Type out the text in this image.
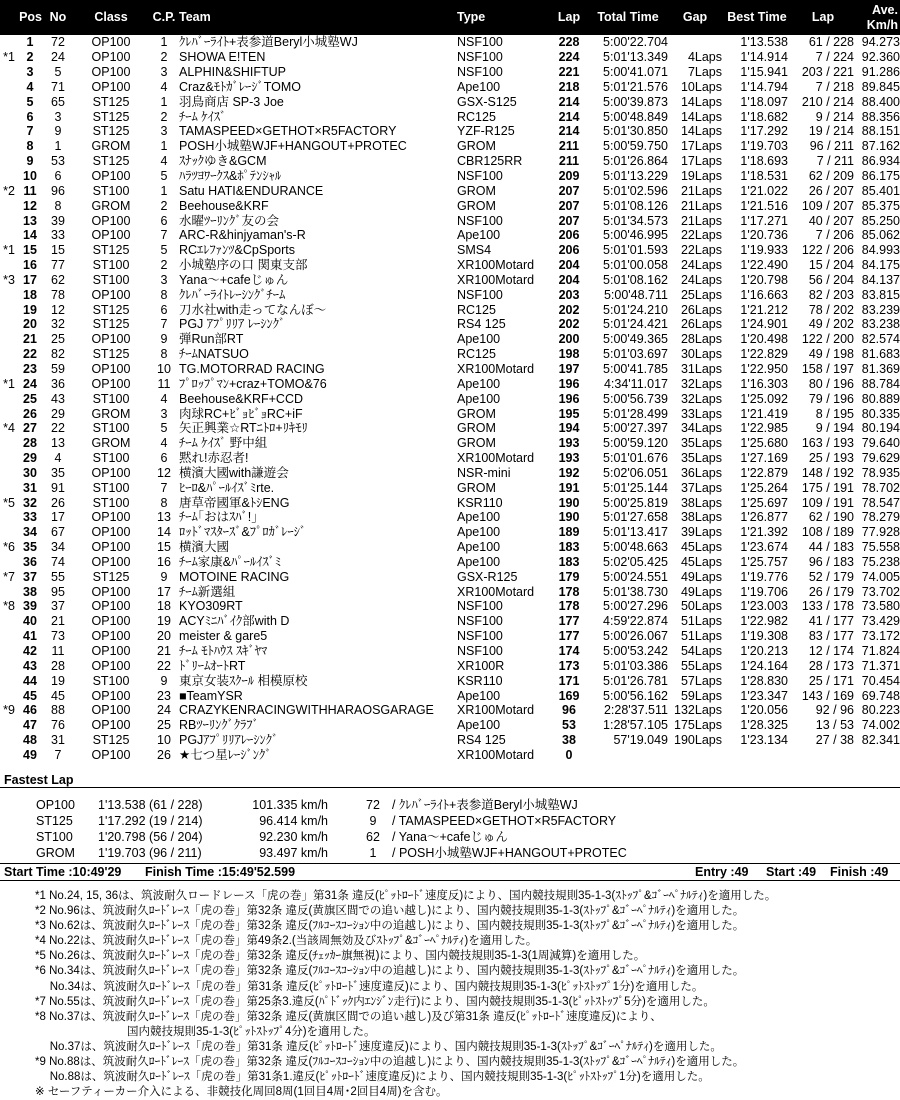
Pos		No	Class	C.P.	Team	Type	Lap	Total Time	Gap	Best Time	Lap	Ave.
Km/h
	1	72	OP100	1	ｸﾚﾊﾞｰﾗｲﾄ+表参道Beryl小城塾WJ	NSF100	228	5:00'22.704		1'13.538	61 / 228	94.273
*1	2	24	OP100	2	SHOWA E!TEN	NSF100	224	5:01'13.349	4Laps	1'14.914	7 / 224	92.360
	3	5	OP100	3	ALPHIN&SHIFTUP	NSF100	221	5:00'41.071	7Laps	1'15.941	203 / 221	91.286
	4	71	OP100	4	Craz&ﾓﾄｶﾞﾚｰｼﾞTOMO	Ape100	218	5:01'21.576	10Laps	1'14.794	7 / 218	89.845
	5	65	ST125	1	羽鳥商店 SP-3 Joe	GSX-S125	214	5:00'39.873	14Laps	1'18.097	210 / 214	88.400
	6	3	ST125	2	ﾁｰﾑ ｹｲｽﾞ	RC125	214	5:00'48.849	14Laps	1'18.682	9 / 214	88.356
	7	9	ST125	3	TAMASPEED×GETHOT×R5FACTORY	YZF-R125	214	5:01'30.850	14Laps	1'17.292	19 / 214	88.151
	8	1	GROM	1	POSH小城塾WJF+HANGOUT+PROTEC	GROM	211	5:00'59.750	17Laps	1'19.703	96 / 211	87.162
	9	53	ST125	4	ｽﾅｯｸゆき&GCM	CBR125RR	211	5:01'26.864	17Laps	1'18.693	7 / 211	86.934
	10	6	OP100	5	ﾊﾗﾂﾖﾜｰｸｽ&ﾎﾟﾃﾝｼｬﾙ	NSF100	209	5:01'13.229	19Laps	1'18.531	62 / 209	86.175
*2	11	96	ST100	1	Satu HATI&ENDURANCE	GROM	207	5:01'02.596	21Laps	1'21.022	26 / 207	85.401
	12	8	GROM	2	Beehouse&KRF	GROM	207	5:01'08.126	21Laps	1'21.516	109 / 207	85.375
	13	39	OP100	6	水曜ﾂｰﾘﾝｸﾞ友の会	NSF100	207	5:01'34.573	21Laps	1'17.271	40 / 207	85.250
	14	33	OP100	7	ARC-R&hinjyaman's-R	Ape100	206	5:00'46.995	22Laps	1'20.736	7 / 206	85.062
*1	15	15	ST125	5	RCｴﾚﾌｧﾝﾂ&CpSports	SMS4	206	5:01'01.593	22Laps	1'19.933	122 / 206	84.993
	16	77	ST100	2	小城塾序の口 関東支部	XR100Motard	204	5:01'00.058	24Laps	1'22.490	15 / 204	84.175
*3	17	62	ST100	3	Yana～+cafeじゅん	XR100Motard	204	5:01'08.162	24Laps	1'20.798	56 / 204	84.137
	18	78	OP100	8	ｸﾚﾊﾞｰﾗｲﾄﾚｰｼﾝｸﾞﾁｰﾑ	NSF100	203	5:00'48.711	25Laps	1'16.663	82 / 203	83.815
	19	12	ST125	6	刀水社with走ってなんぼ～	RC125	202	5:01'24.210	26Laps	1'21.212	78 / 202	83.239
	20	32	ST125	7	PGJ ｱﾌﾟﾘﾘｱ ﾚｰｼﾝｸﾞ	RS4 125	202	5:01'24.421	26Laps	1'24.901	49 / 202	83.238
	21	25	OP100	9	弾Run部RT	Ape100	200	5:00'49.365	28Laps	1'20.498	122 / 200	82.574
	22	82	ST125	8	ﾁｰﾑNATSUO	RC125	198	5:01'03.697	30Laps	1'22.829	49 / 198	81.683
	23	59	OP100	10	TG.MOTORRAD RACING	XR100Motard	197	5:00'41.785	31Laps	1'22.950	158 / 197	81.369
*1	24	36	OP100	11	ﾌﾟﾛｯﾌﾟﾏﾝ+craz+TOMO&76	Ape100	196	4:34'11.017	32Laps	1'16.303	80 / 196	88.784
	25	43	ST100	4	Beehouse&KRF+CCD	Ape100	196	5:00'56.739	32Laps	1'25.092	79 / 196	80.889
	26	29	GROM	3	肉球RC+ﾋﾞｮﾋﾞｮRC+iF	GROM	195	5:01'28.499	33Laps	1'21.419	8 / 195	80.335
*4	27	22	ST100	5	矢正興業☆RTﾆﾄﾛ+ﾘｷﾓﾘ	GROM	194	5:00'27.397	34Laps	1'22.985	9 / 194	80.194
	28	13	GROM	4	ﾁｰﾑ ｹｲｽﾞ 野中組	GROM	193	5:00'59.120	35Laps	1'25.680	163 / 193	79.640
	29	4	ST100	6	黙れ!赤忍者!	XR100Motard	193	5:01'01.676	35Laps	1'27.169	25 / 193	79.629
	30	35	OP100	12	横濱大國with謙遊会	NSR-mini	192	5:02'06.051	36Laps	1'22.879	148 / 192	78.935
	31	91	ST100	7	ﾋｰﾛ&ﾊﾟｰﾙｲｽﾞﾐrte.	GROM	191	5:01'25.144	37Laps	1'25.264	175 / 191	78.702
*5	32	26	ST100	8	唐草帝國軍&ﾄｼENG	KSR110	190	5:00'25.819	38Laps	1'25.697	109 / 191	78.547
	33	17	OP100	13	ﾁｰﾑ｢おはｽﾊﾞ!｣	Ape100	190	5:01'27.658	38Laps	1'26.877	62 / 190	78.279
	34	67	OP100	14	ﾛｯﾄﾞﾏｽﾀｰｽﾞ&ﾌﾟﾛｶﾞﾚｰｼﾞ	Ape100	189	5:01'13.417	39Laps	1'21.392	108 / 189	77.928
*6	35	34	OP100	15	横濱大國	Ape100	183	5:00'48.663	45Laps	1'23.674	44 / 183	75.558
	36	74	OP100	16	ﾁｰﾑ家康&ﾊﾟｰﾙｲｽﾞﾐ	Ape100	183	5:02'05.425	45Laps	1'25.757	96 / 183	75.238
*7	37	55	ST125	9	MOTOINE RACING	GSX-R125	179	5:00'24.551	49Laps	1'19.776	52 / 179	74.005
	38	95	OP100	17	ﾁｰﾑ新選組	XR100Motard	178	5:01'38.730	49Laps	1'19.706	26 / 179	73.702
*8	39	37	OP100	18	KYO309RT	NSF100	178	5:00'27.296	50Laps	1'23.003	133 / 178	73.580
	40	21	OP100	19	ACYﾐﾆﾊﾞｲｸ部with D	NSF100	177	4:59'22.874	51Laps	1'22.982	41 / 177	73.429
	41	73	OP100	20	meister & gare5	NSF100	177	5:00'26.067	51Laps	1'19.308	83 / 177	73.172
	42	11	OP100	21	ﾁｰﾑ ﾓﾄﾊｳｽ ｽｷﾞﾔﾏ	NSF100	174	5:00'53.242	54Laps	1'20.213	12 / 174	71.824
	43	28	OP100	22	ﾄﾞﾘｰﾑｵｰﾄRT	XR100R	173	5:01'03.386	55Laps	1'24.164	28 / 173	71.371
	44	19	ST100	9	東京女装ｽｸｰﾙ 相模原校	KSR110	171	5:01'26.781	57Laps	1'28.830	25 / 171	70.454
	45	45	OP100	23	■TeamYSR	Ape100	169	5:00'56.162	59Laps	1'23.347	143 / 169	69.748
*9	46	88	OP100	24	CRAZYKENRACINGWITHHARAOSGARAGE	XR100Motard	96	2:28'37.511	132Laps	1'20.056	92 / 96	80.223
	47	76	OP100	25	RBﾂｰﾘﾝｸﾞｸﾗﾌﾞ	Ape100	53	1:28'57.105	175Laps	1'28.325	13 / 53	74.002
	48	31	ST125	10	PGJｱﾌﾟﾘﾘｱﾚｰｼﾝｸﾞ	RS4 125	38	57'19.049	190Laps	1'23.134	27 / 38	82.341
	49	7	OP100	26	★七つ星ﾚｰｼﾞﾝｸﾞ	XR100Motard	0					
Fastest Lap
OP100	1'13.538 (61 / 228)	101.335 km/h	72	/ ｸﾚﾊﾞｰﾗｲﾄ+表参道Beryl小城塾WJ
ST125	1'17.292 (19 / 214)	96.414 km/h	9	/ TAMASPEED×GETHOT×R5FACTORY
ST100	1'20.798 (56 / 204)	92.230 km/h	62	/ Yana～+cafeじゅん
GROM	1'19.703 (96 / 211)	93.497 km/h	1	/ POSH小城塾WJF+HANGOUT+PROTEC
Start Time :10:49'29 Finish Time :15:49'52.599	Entry :49 Start :49 Finish :49
*1 No.24, 15, 36は、筑波耐久ロードレース「虎の巻」第31条 違反(ﾋﾟｯﾄﾛｰﾄﾞ速度反)により、国内競技規則35-1-3(ｽﾄｯﾌﾟ&ｺﾞｰﾍﾟﾅﾙﾃｨ)を適用した。
*2 No.96は、筑波耐久ﾛｰﾄﾞﾚｰｽ「虎の巻」第32条 違反(黄旗区間での追い越し)により、国内競技規則35-1-3(ｽﾄｯﾌﾟ&ｺﾞｰﾍﾟﾅﾙﾃｨ)を適用した。
*3 No.62は、筑波耐久ﾛｰﾄﾞﾚｰｽ「虎の巻」第32条 違反(ﾌﾙｺｰｽｺｰｼｮﾝ中の追越し)により、国内競技規則35-1-3(ｽﾄｯﾌﾟ&ｺﾞｰﾍﾟﾅﾙﾃｨ)を適用した。
*4 No.22は、筑波耐久ﾛｰﾄﾞﾚｰｽ「虎の巻」第49条2.(当該周無効及びｽﾄｯﾌﾟ&ｺﾞｰﾍﾟﾅﾙﾃｨ)を適用した。
*5 No.26は、筑波耐久ﾛｰﾄﾞﾚｰｽ「虎の巻」第32条 違反(ﾁｪｯｶｰ旗無視)により、国内競技規則35-1-3(1周減算)を適用した。
*6 No.34は、筑波耐久ﾛｰﾄﾞﾚｰｽ「虎の巻」第32条 違反(ﾌﾙｺｰｽｺｰｼｮﾝ中の追越し)により、国内競技規則35-1-3(ｽﾄｯﾌﾟ&ｺﾞｰﾍﾟﾅﾙﾃｨ)を適用した。
　 No.34は、筑波耐久ﾛｰﾄﾞﾚｰｽ「虎の巻」第31条 違反(ﾋﾟｯﾄﾛｰﾄﾞ速度違反)により、国内競技規則35-1-3(ﾋﾟｯﾄｽﾄｯﾌﾟ1分)を適用した。
*7 No.55は、筑波耐久ﾛｰﾄﾞﾚｰｽ「虎の巻」第25条3.違反(ﾊﾟﾄﾞｯｸ内ｴﾝｼﾞﾝ走行)により、国内競技規則35-1-3(ﾋﾟｯﾄｽﾄｯﾌﾟ5分)を適用した。
*8 No.37は、筑波耐久ﾛｰﾄﾞﾚｰｽ「虎の巻」第32条 違反(黄旗区間での追い越し)及び第31条 違反(ﾋﾟｯﾄﾛｰﾄﾞ速度違反)により、
　　　　　　　　国内競技規則35-1-3(ﾋﾟｯﾄｽﾄｯﾌﾟ4分)を適用した。
　 No.37は、筑波耐久ﾛｰﾄﾞﾚｰｽ「虎の巻」第31条 違反(ﾋﾟｯﾄﾛｰﾄﾞ速度違反)により、国内競技規則35-1-3(ｽﾄｯﾌﾟ&ｺﾞｰﾍﾟﾅﾙﾃｨ)を適用した。
*9 No.88は、筑波耐久ﾛｰﾄﾞﾚｰｽ「虎の巻」第32条 違反(ﾌﾙｺｰｽｺｰｼｮﾝ中の追越し)により、国内競技規則35-1-3(ｽﾄｯﾌﾟ&ｺﾞｰﾍﾟﾅﾙﾃｨ)を適用した。
　 No.88は、筑波耐久ﾛｰﾄﾞﾚｰｽ「虎の巻」第31条1.違反(ﾋﾟｯﾄﾛｰﾄﾞ速度違反)により、国内競技規則35-1-3(ﾋﾟｯﾄｽﾄｯﾌﾟ1分)を適用した。
※ セーフティーカー介入による、非競技化周回8周(1回目4周･2回目4周)を含む。
